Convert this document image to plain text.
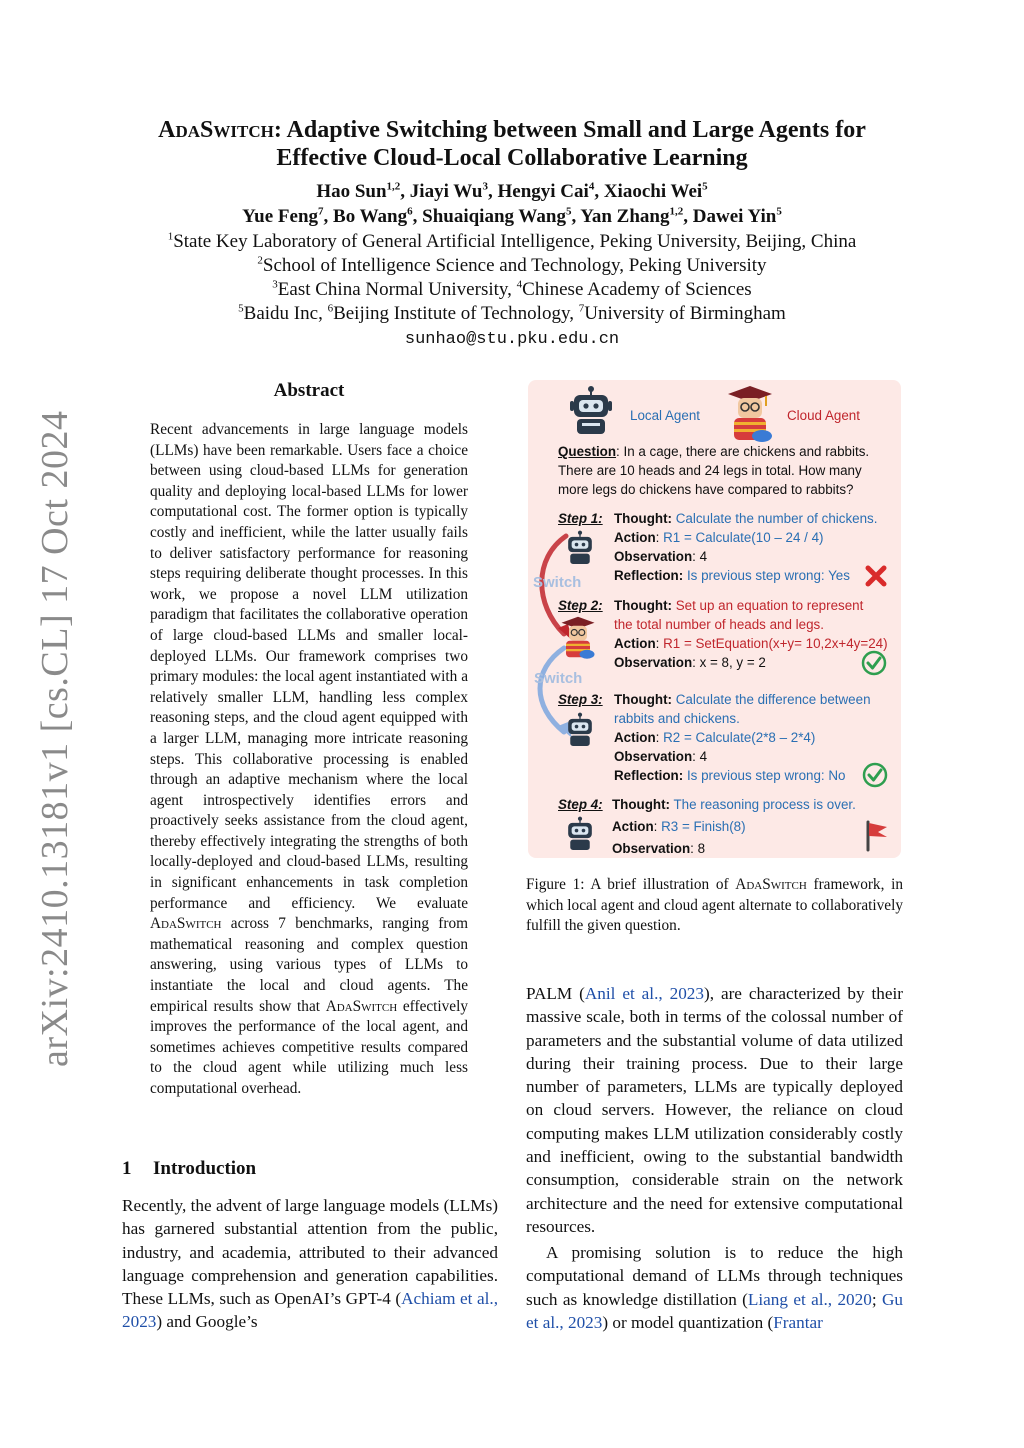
arXiv:2410.13181v1 [cs.CL] 17 Oct 2024
AdaSwitch: Adaptive Switching between Small and Large Agents for
Effective Cloud-Local Collaborative Learning
Hao Sun$^{1,2}$, Jiayi Wu$^3$, Hengyi Cai$^4$, Xiaochi Wei$^5$
Yue Feng$^7$, Bo Wang$^6$, Shuaiqiang Wang$^5$, Yan Zhang$^{1,2}$, Dawei Yin$^5$
$^1$State Key Laboratory of General Artificial Intelligence, Peking University, Beijing, China
$^2$School of Intelligence Science and Technology, Peking University
$^3$East China Normal University, $^4$Chinese Academy of Sciences
$^5$Baidu Inc, $^6$Beijing Institute of Technology, $^7$University of Birmingham
sunhao@stu.pku.edu.cn
Abstract
Recent advancements in large language models (LLMs) have been remarkable. Users face a choice between using cloud-based LLMs for generation quality and deploying local-based LLMs for lower computational cost. The former option is typically costly and inefficient, while the latter usually fails to deliver satisfactory performance for reasoning steps requiring deliberate thought processes. In this work, we propose a novel LLM utilization paradigm that facilitates the collaborative operation of large cloud-based LLMs and smaller local-deployed LLMs. Our framework comprises two primary modules: the local agent instantiated with a relatively smaller LLM, handling less complex reasoning steps, and the cloud agent equipped with a larger LLM, managing more intricate reasoning steps. This collaborative processing is enabled through an adaptive mechanism where the local agent introspectively identifies errors and proactively seeks assistance from the cloud agent, thereby effectively integrating the strengths of both locally-deployed and cloud-based LLMs, resulting in significant enhancements in task completion performance and efficiency. We evaluate AdaSwitch across 7 benchmarks, ranging from mathematical reasoning and complex question answering, using various types of LLMs to instantiate the local and cloud agents. The empirical results show that AdaSwitch effectively improves the performance of the local agent, and sometimes achieves competitive results compared to the cloud agent while utilizing much less computational overhead.
1 Introduction
Recently, the advent of large language models (LLMs) has garnered substantial attention from the public, industry, and academia, attributed to their advanced language comprehension and generation capabilities. These LLMs, such as OpenAI’s GPT-4 (Achiam et al., 2023) and Google’s
PALM (Anil et al., 2023), are characterized by their massive scale, both in terms of the colossal number of parameters and the substantial volume of data utilized during their training process. Due to their large number of parameters, LLMs are typically deployed on cloud servers. However, the reliance on cloud computing makes LLM utilization considerably costly and inefficient, owing to the substantial bandwidth consumption, considerable strain on the network architecture and the need for extensive computational resources.
A promising solution is to reduce the high computational demand of LLMs through techniques such as knowledge distillation (Liang et al., 2020; Gu et al., 2023) or model quantization (Frantar
Figure 1: A brief illustration of AdaSwitch framework, in which local agent and cloud agent alternate to collaboratively fulfill the given question.
Local Agent	Cloud Agent
Question: In a cage, there are chickens and rabbits.
There are 10 heads and 24 legs in total. How many
more legs do chickens have compared to rabbits?
Switch
Switch
Step 1: Thought: Calculate the number of chickens.
Action: R1 = Calculate(10 – 24 / 4)
Observation: 4
Reflection: Is previous step wrong: Yes
Step 2: Thought: Set up an equation to represent
the total number of heads and legs.
Action: R1 = SetEquation(x+y= 10,2x+4y=24)
Observation: x = 8, y = 2
Step 3: Thought: Calculate the difference between
rabbits and chickens.
Action: R2 = Calculate(2*8 – 2*4)
Observation: 4
Reflection: Is previous step wrong: No
Step 4: Thought: The reasoning process is over.
Action: R3 = Finish(8)
Observation: 8
